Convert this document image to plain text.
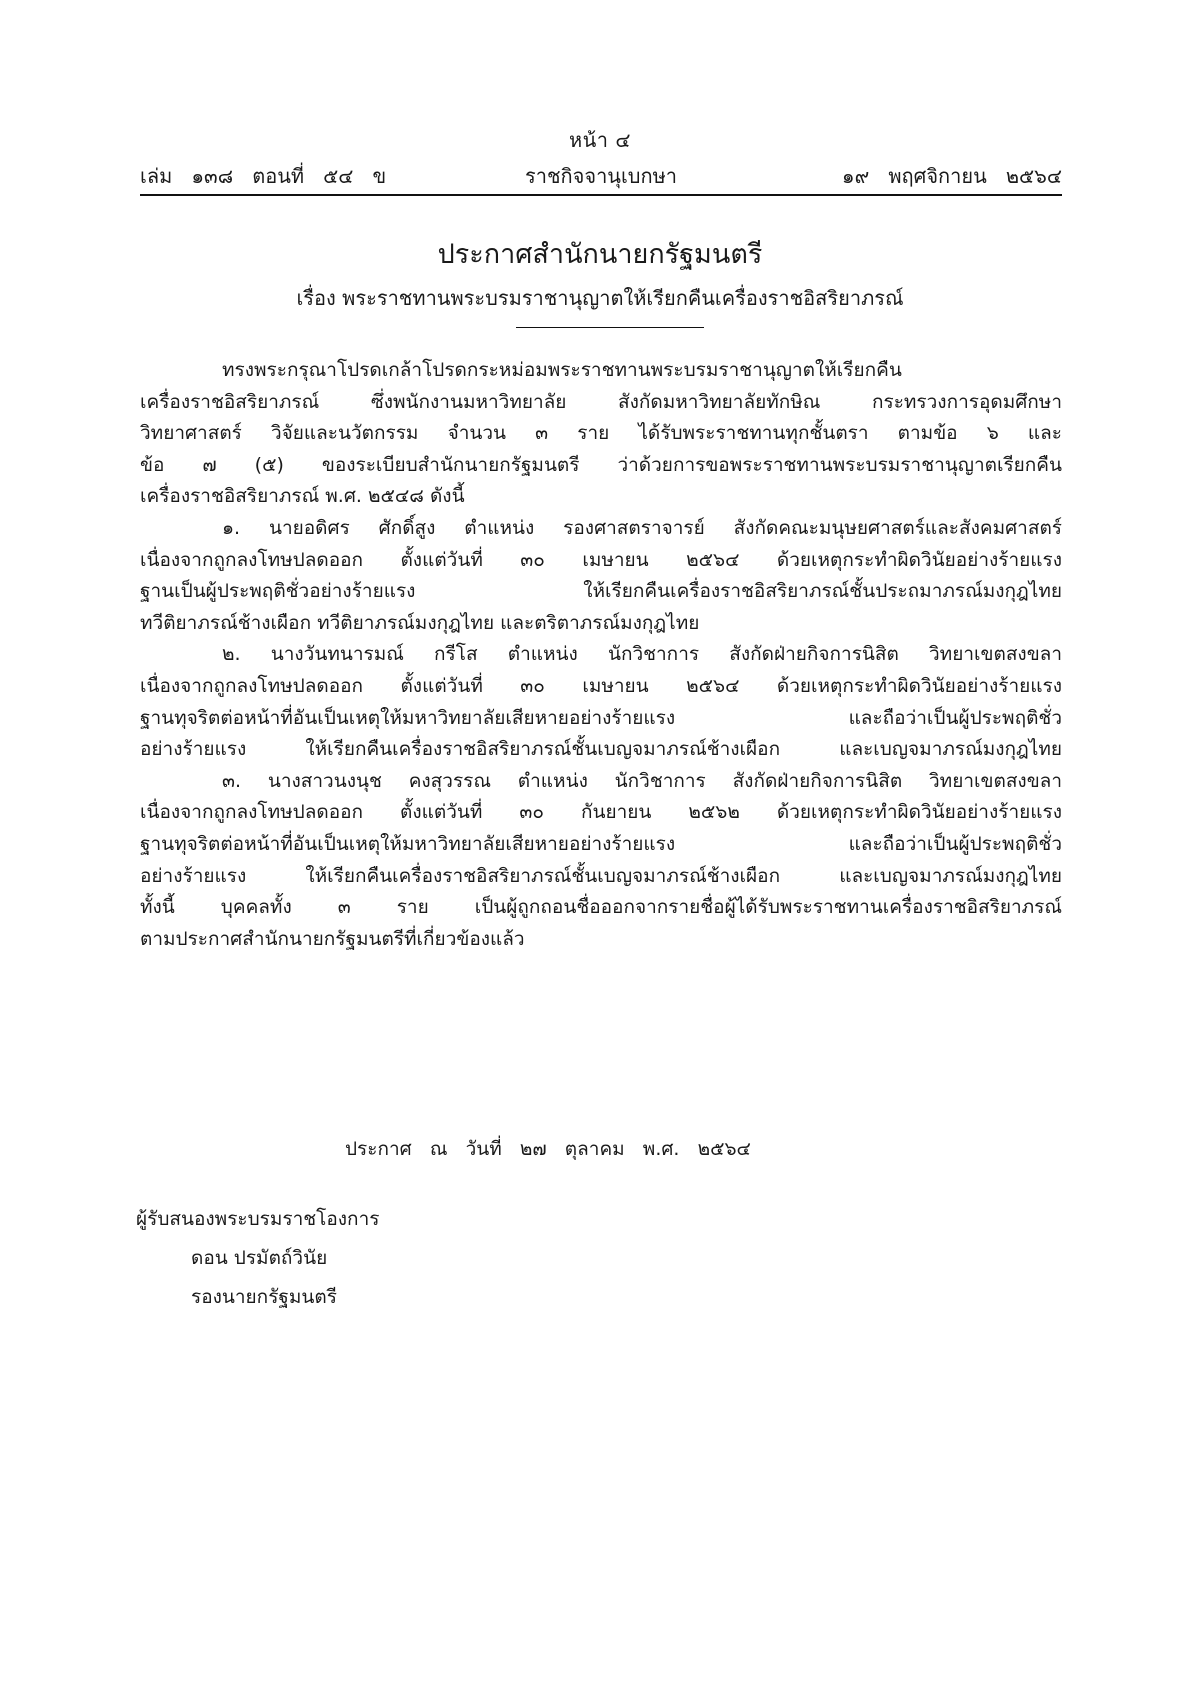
หน้า ๔
เล่ม   ๑๓๘   ตอนที่   ๕๔   ข	ราชกิจจานุเบกษา	๑๙   พฤศจิกายน   ๒๕๖๔
ประกาศสำนักนายกรัฐมนตรี
เรื่อง พระราชทานพระบรมราชานุญาตให้เรียกคืนเครื่องราชอิสริยาภรณ์
ทรงพระกรุณาโปรดเกล้าโปรดกระหม่อมพระราชทานพระบรมราชานุญาตให้เรียกคืน
เครื่องราชอิสริยาภรณ์ ซึ่งพนักงานมหาวิทยาลัย สังกัดมหาวิทยาลัยทักษิณ กระทรวงการอุดมศึกษา
วิทยาศาสตร์ วิจัยและนวัตกรรม จำนวน ๓ ราย ได้รับพระราชทานทุกชั้นตรา ตามข้อ ๖ และ
ข้อ ๗ (๕) ของระเบียบสำนักนายกรัฐมนตรี ว่าด้วยการขอพระราชทานพระบรมราชานุญาตเรียกคืน
เครื่องราชอิสริยาภรณ์ พ.ศ. ๒๕๔๘ ดังนี้
๑. นายอดิศร ศักดิ์สูง ตำแหน่ง รองศาสตราจารย์ สังกัดคณะมนุษยศาสตร์และสังคมศาสตร์
เนื่องจากถูกลงโทษปลดออก ตั้งแต่วันที่ ๓๐ เมษายน ๒๕๖๔ ด้วยเหตุกระทำผิดวินัยอย่างร้ายแรง
ฐานเป็นผู้ประพฤติชั่วอย่างร้ายแรง ให้เรียกคืนเครื่องราชอิสริยาภรณ์ชั้นประถมาภรณ์มงกุฎไทย
ทวีติยาภรณ์ช้างเผือก ทวีติยาภรณ์มงกุฎไทย และตริตาภรณ์มงกุฎไทย
๒. นางวันทนารมณ์ กรีโส ตำแหน่ง นักวิชาการ สังกัดฝ่ายกิจการนิสิต วิทยาเขตสงขลา
เนื่องจากถูกลงโทษปลดออก ตั้งแต่วันที่ ๓๐ เมษายน ๒๕๖๔ ด้วยเหตุกระทำผิดวินัยอย่างร้ายแรง
ฐานทุจริตต่อหน้าที่อันเป็นเหตุให้มหาวิทยาลัยเสียหายอย่างร้ายแรง และถือว่าเป็นผู้ประพฤติชั่ว
อย่างร้ายแรง ให้เรียกคืนเครื่องราชอิสริยาภรณ์ชั้นเบญจมาภรณ์ช้างเผือก และเบญจมาภรณ์มงกุฎไทย
๓. นางสาวนงนุช คงสุวรรณ ตำแหน่ง นักวิชาการ สังกัดฝ่ายกิจการนิสิต วิทยาเขตสงขลา
เนื่องจากถูกลงโทษปลดออก ตั้งแต่วันที่ ๓๐ กันยายน ๒๕๖๒ ด้วยเหตุกระทำผิดวินัยอย่างร้ายแรง
ฐานทุจริตต่อหน้าที่อันเป็นเหตุให้มหาวิทยาลัยเสียหายอย่างร้ายแรง และถือว่าเป็นผู้ประพฤติชั่ว
อย่างร้ายแรง ให้เรียกคืนเครื่องราชอิสริยาภรณ์ชั้นเบญจมาภรณ์ช้างเผือก และเบญจมาภรณ์มงกุฎไทย
ทั้งนี้ บุคคลทั้ง ๓ ราย เป็นผู้ถูกถอนชื่อออกจากรายชื่อผู้ได้รับพระราชทานเครื่องราชอิสริยาภรณ์
ตามประกาศสำนักนายกรัฐมนตรีที่เกี่ยวข้องแล้ว
ประกาศ   ณ   วันที่   ๒๗   ตุลาคม   พ.ศ.   ๒๕๖๔
ผู้รับสนองพระบรมราชโองการ
ดอน ปรมัตถ์วินัย
รองนายกรัฐมนตรี
